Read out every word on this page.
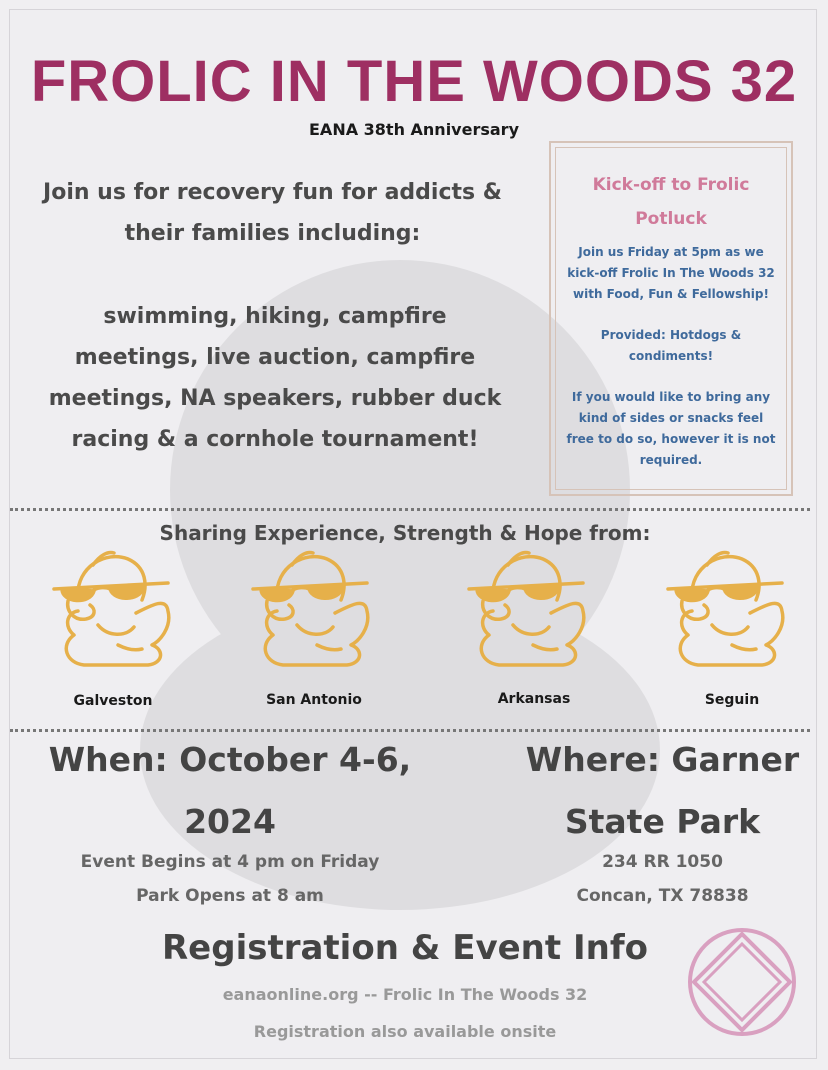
FROLIC IN THE WOODS 32
EANA 38th Anniversary
Join us for recovery fun for addicts & their families including:
swimming, hiking, campfire meetings, live auction, campfire meetings, NA speakers, rubber duck racing & a cornhole tournament!
Kick-off to Frolic Potluck
Join us Friday at 5pm as we kick-off Frolic In The Woods 32 with Food, Fun & Fellowship!
Provided: Hotdogs & condiments!
If you would like to bring any kind of sides or snacks feel free to do so, however it is not required.
Sharing Experience, Strength & Hope from:
Galveston	San Antonio	Arkansas	Seguin
When: October 4-6,
2024
Event Begins at 4 pm on Friday
Park Opens at 8 am
Where: Garner
State Park
234 RR 1050
Concan, TX 78838
Registration & Event Info
eanaonline.org -- Frolic In The Woods 32
Registration also available onsite
